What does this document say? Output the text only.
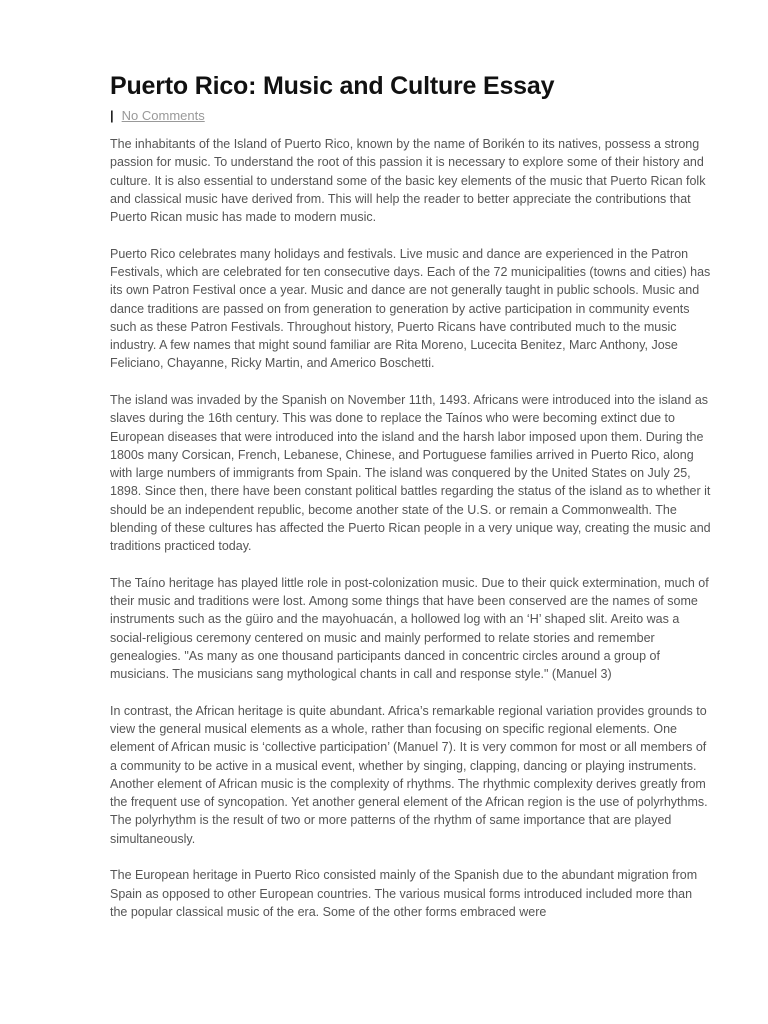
Puerto Rico: Music and Culture Essay
| No Comments

The inhabitants of the Island of Puerto Rico, known by the name of Borikén to its natives, possess a strong passion for music. To understand the root of this passion it is necessary to explore some of their history and culture. It is also essential to understand some of the basic key elements of the music that Puerto Rican folk and classical music have derived from. This will help the reader to better appreciate the contributions that Puerto Rican music has made to modern music.

Puerto Rico celebrates many holidays and festivals. Live music and dance are experienced in the Patron Festivals, which are celebrated for ten consecutive days. Each of the 72 municipalities (towns and cities) has its own Patron Festival once a year. Music and dance are not generally taught in public schools. Music and dance traditions are passed on from generation to generation by active participation in community events such as these Patron Festivals. Throughout history, Puerto Ricans have contributed much to the music industry. A few names that might sound familiar are Rita Moreno, Lucecita Benitez, Marc Anthony, Jose Feliciano, Chayanne, Ricky Martin, and Americo Boschetti.

The island was invaded by the Spanish on November 11th, 1493. Africans were introduced into the island as slaves during the 16th century. This was done to replace the Taínos who were becoming extinct due to European diseases that were introduced into the island and the harsh labor imposed upon them. During the 1800s many Corsican, French, Lebanese, Chinese, and Portuguese families arrived in Puerto Rico, along with large numbers of immigrants from Spain. The island was conquered by the United States on July 25, 1898. Since then, there have been constant political battles regarding the status of the island as to whether it should be an independent republic, become another state of the U.S. or remain a Commonwealth. The blending of these cultures has affected the Puerto Rican people in a very unique way, creating the music and traditions practiced today.

The Taíno heritage has played little role in post-colonization music. Due to their quick extermination, much of their music and traditions were lost. Among some things that have been conserved are the names of some instruments such as the güiro and the mayohuacán, a hollowed log with an ‘H’ shaped slit. Areito was a social-religious ceremony centered on music and mainly performed to relate stories and remember genealogies. "As many as one thousand participants danced in concentric circles around a group of musicians. The musicians sang mythological chants in call and response style." (Manuel 3)

In contrast, the African heritage is quite abundant. Africa’s remarkable regional variation provides grounds to view the general musical elements as a whole, rather than focusing on specific regional elements. One element of African music is ‘collective participation’ (Manuel 7). It is very common for most or all members of a community to be active in a musical event, whether by singing, clapping, dancing or playing instruments. Another element of African music is the complexity of rhythms. The rhythmic complexity derives greatly from the frequent use of syncopation. Yet another general element of the African region is the use of polyrhythms. The polyrhythm is the result of two or more patterns of the rhythm of same importance that are played simultaneously.

The European heritage in Puerto Rico consisted mainly of the Spanish due to the abundant migration from Spain as opposed to other European countries. The various musical forms introduced included more than the popular classical music of the era. Some of the other forms embraced were
